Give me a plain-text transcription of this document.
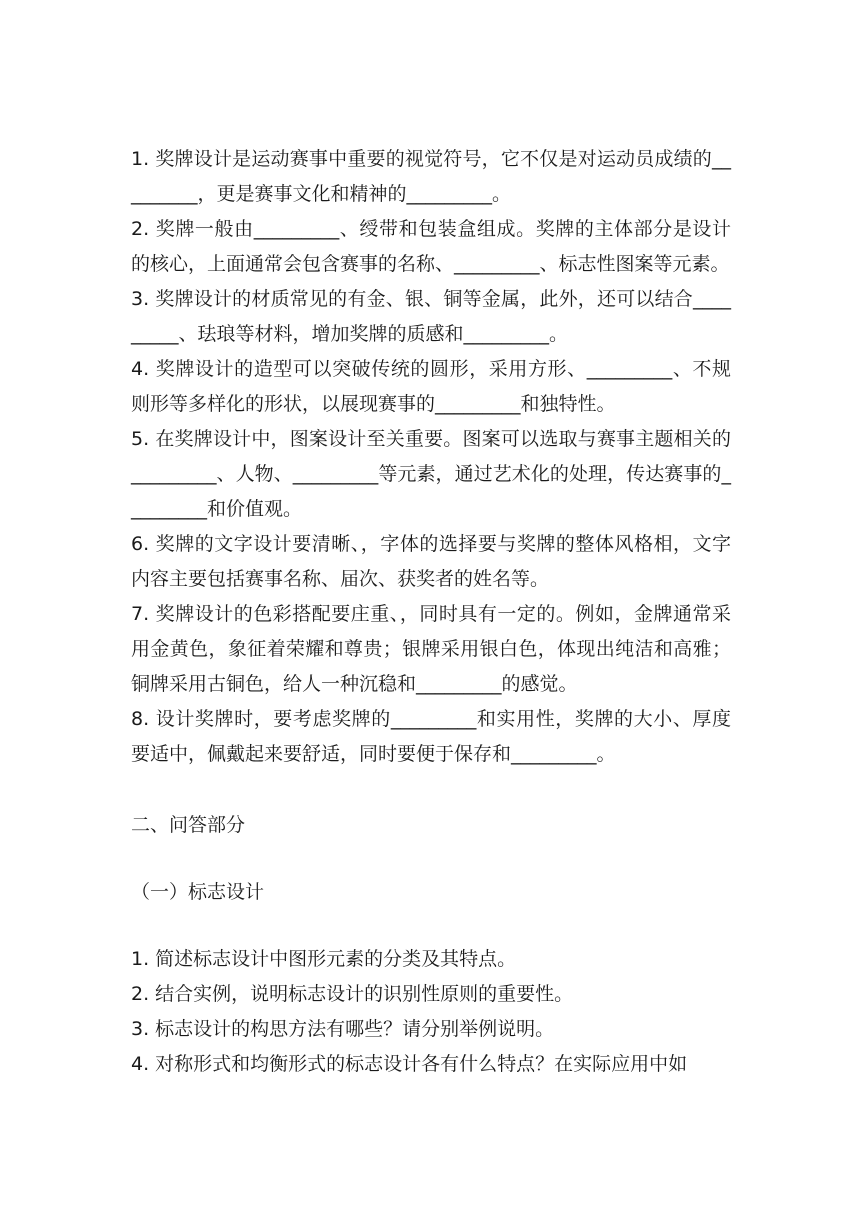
1. 奖牌设计是运动赛事中重要的视觉符号，它不仅是对运动员成绩的_________，更是赛事文化和精神的_________。

2. 奖牌一般由_________、绶带和包装盒组成。奖牌的主体部分是设计的核心，上面通常会包含赛事的名称、_________、标志性图案等元素。

3. 奖牌设计的材质常见的有金、银、铜等金属，此外，还可以结合_________、珐琅等材料，增加奖牌的质感和_________。

4. 奖牌设计的造型可以突破传统的圆形，采用方形、_________、不规则形等多样化的形状，以展现赛事的_________和独特性。

5. 在奖牌设计中，图案设计至关重要。图案可以选取与赛事主题相关的_________、人物、_________等元素，通过艺术化的处理，传达赛事的_________和价值观。

6. 奖牌的文字设计要清晰、，字体的选择要与奖牌的整体风格相，文字内容主要包括赛事名称、届次、获奖者的姓名等。

7. 奖牌设计的色彩搭配要庄重、，同时具有一定的。例如，金牌通常采用金黄色，象征着荣耀和尊贵；银牌采用银白色，体现出纯洁和高雅；铜牌采用古铜色，给人一种沉稳和_________的感觉。

8. 设计奖牌时，要考虑奖牌的_________和实用性，奖牌的大小、厚度要适中，佩戴起来要舒适，同时要便于保存和_________。

二、问答部分

（一）标志设计

1. 简述标志设计中图形元素的分类及其特点。

2. 结合实例，说明标志设计的识别性原则的重要性。

3. 标志设计的构思方法有哪些？请分别举例说明。

4. 对称形式和均衡形式的标志设计各有什么特点？在实际应用中如
